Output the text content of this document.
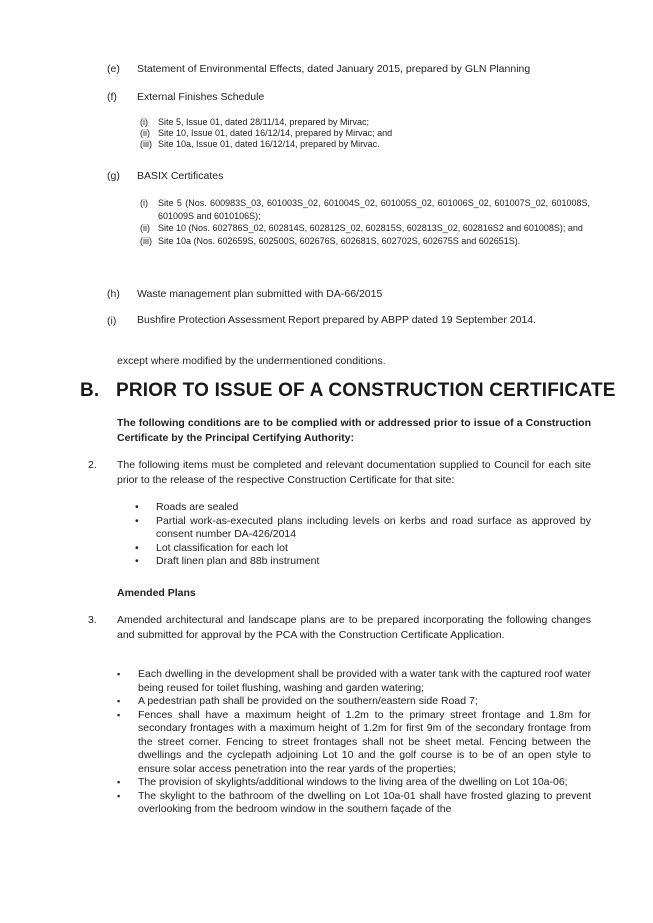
(e) Statement of Environmental Effects, dated January 2015, prepared by GLN Planning
(f) External Finishes Schedule
(i)	Site 5, Issue 01, dated 28/11/14, prepared by Mirvac;
(ii) Site 10, Issue 01, dated 16/12/14, prepared by Mirvac; and
(iii) Site 10a, Issue 01, dated 16/12/14, prepared by Mirvac.
(g) BASIX Certificates
(i)	Site 5 (Nos. 600983S_03, 601003S_02, 601004S_02, 601005S_02, 601006S_02, 601007S_02, 601008S, 601009S and 6010106S);
(ii) Site 10 (Nos. 602786S_02, 602814S, 602812S_02, 602815S, 602813S_02, 602816S2 and 601008S); and
(iii) Site 10a (Nos. 602659S, 602500S, 602676S, 602681S, 602702S, 602675S and 602651S).
(h) Waste management plan submitted with DA-66/2015
(i) Bushfire Protection Assessment Report prepared by ABPP dated 19 September 2014.
except where modified by the undermentioned conditions.
B. PRIOR TO ISSUE OF A CONSTRUCTION CERTIFICATE
The following conditions are to be complied with or addressed prior to issue of a Construction Certificate by the Principal Certifying Authority:
2. The following items must be completed and relevant documentation supplied to Council for each site prior to the release of the respective Construction Certificate for that site:
• Roads are sealed
• Partial work-as-executed plans including levels on kerbs and road surface as approved by consent number DA-426/2014
• Lot classification for each lot
• Draft linen plan and 88b instrument
Amended Plans
3. Amended architectural and landscape plans are to be prepared incorporating the following changes and submitted for approval by the PCA with the Construction Certificate Application.
▪ Each dwelling in the development shall be provided with a water tank with the captured roof water being reused for toilet flushing, washing and garden watering;
▪ A pedestrian path shall be provided on the southern/eastern side Road 7;
▪ Fences shall have a maximum height of 1.2m to the primary street frontage and 1.8m for secondary frontages with a maximum height of 1.2m for first 9m of the secondary frontage from the street corner. Fencing to street frontages shall not be sheet metal. Fencing between the dwellings and the cyclepath adjoining Lot 10 and the golf course is to be of an open style to ensure solar access penetration into the rear yards of the properties;
▪ The provision of skylights/additional windows to the living area of the dwelling on Lot 10a-06;
▪ The skylight to the bathroom of the dwelling on Lot 10a-01 shall have frosted glazing to prevent overlooking from the bedroom window in the southern façade of the
